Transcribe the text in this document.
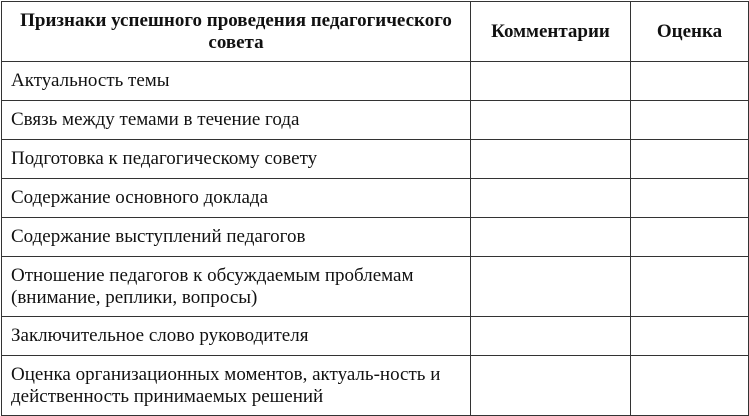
Признаки успешного проведения педагогического совета	Комментарии	Оценка
Актуальность темы		
Связь между темами в течение года		
Подготовка к педагогическому совету		
Содержание основного доклада		
Содержание выступлений педагогов		
Отношение педагогов к обсуждаемым проблемам (внимание, реплики, вопросы)		
Заключительное слово руководителя		
Оценка организационных моментов, актуаль-ность и действенность принимаемых решений		
